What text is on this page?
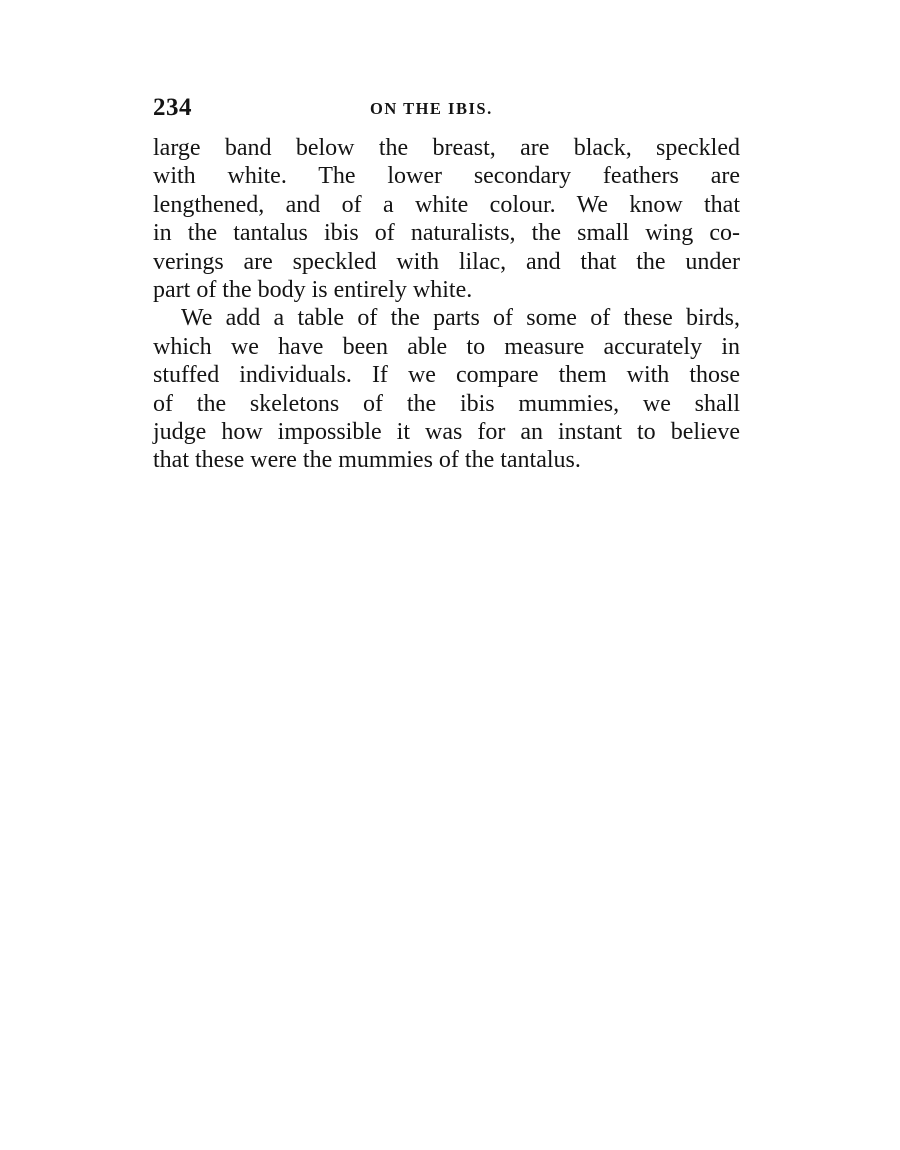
234	ON THE IBIS.
large band below the breast, are black, speckled
with white. The lower secondary feathers are
lengthened, and of a white colour. We know that
in the tantalus ibis of naturalists, the small wing co-
verings are speckled with lilac, and that the under
part of the body is entirely white.
We add a table of the parts of some of these birds,
which we have been able to measure accurately in
stuffed individuals. If we compare them with those
of the skeletons of the ibis mummies, we shall
judge how impossible it was for an instant to believe
that these were the mummies of the tantalus.
